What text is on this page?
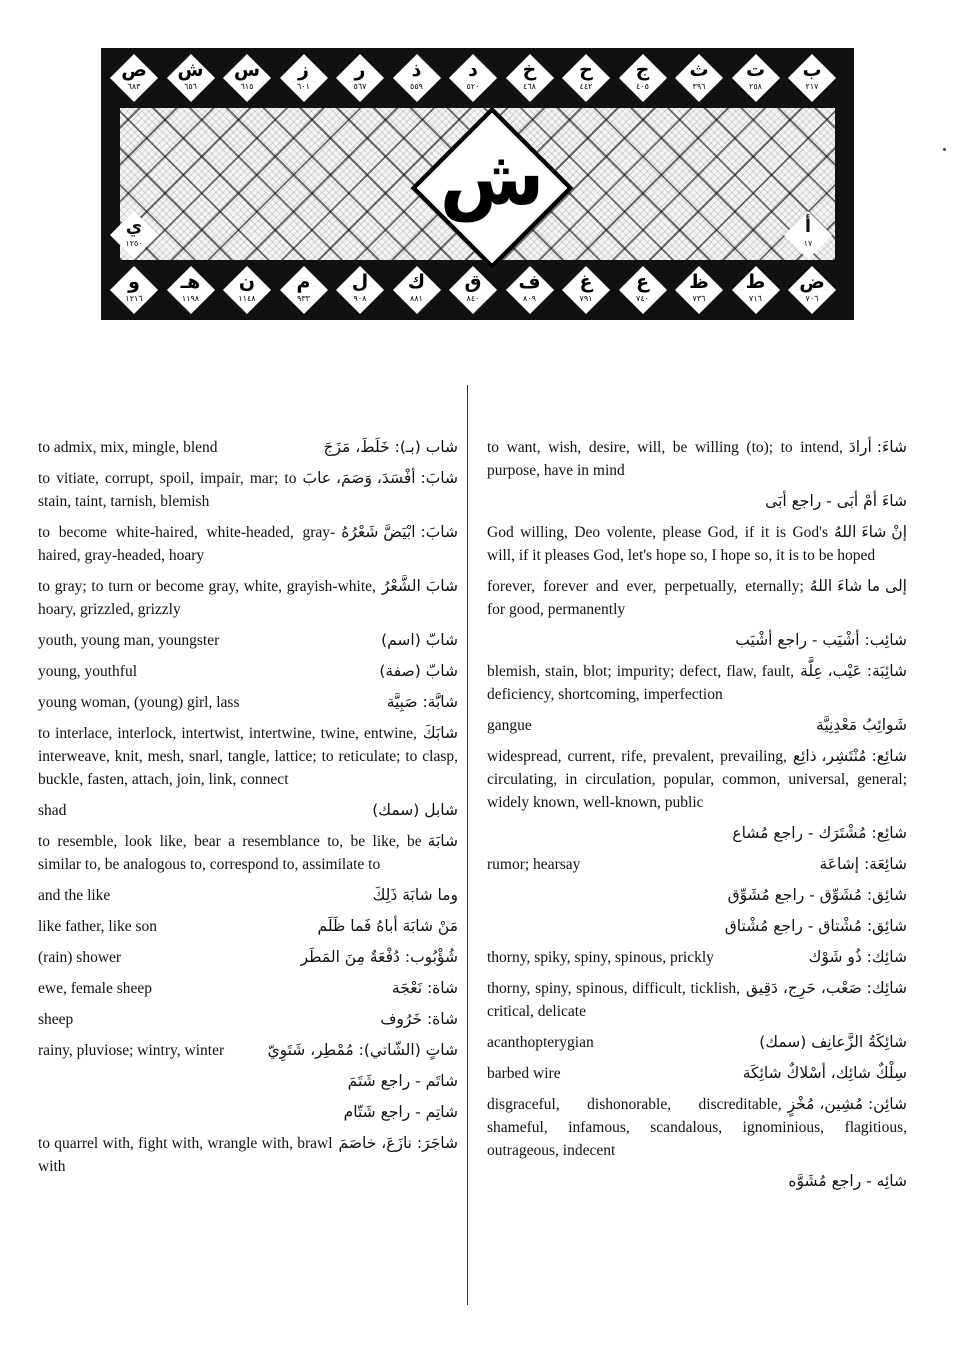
ص
٦٨٣
ش
٦٥٦
س
٦١٥
ز
٦٠١
ر
٥٦٧
ذ
٥٥٩
د
٥٢٠
خ
٤٦٨
ح
٤٤٢
ج
٤٠٥
ث
٣٩٦
ت
٢٥٨
ب
٢١٧
و
١٢١٦
هـ
١١٩٨
ن
١١٤٨
م
٩٣٣
ل
٩٠٨
ك
٨٨١
ق
٨٤٠
ف
٨٠٩
غ
٧٩١
ع
٧٤٠
ظ
٧٣٦
ط
٧١٦
ض
٧٠٦
ي
١٢٥٠
أ
١٧
ش
شاب (بـ): خَلَطَ، مَزَجَ
to admix, mix, mingle, blend
شابَ: أفْسَدَ، وَصَمَ، عابَ
to vitiate, corrupt, spoil, impair, mar; to stain, taint, tarnish, blemish
شابَ: ابْيَضَّ شَعْرُهُ
to become white-haired, white-headed, gray-haired, gray-headed, hoary
شابَ الشَّعْرُ
to gray; to turn or become gray, white, grayish-white, hoary, grizzled, grizzly
شابّ (اسم)
youth, young man, youngster
شابّ (صفة)
young, youthful
شابَّة: صَبِيَّة
young woman, (young) girl, lass
شابَكَ
to interlace, interlock, intertwist, intertwine, twine, entwine, interweave, knit, mesh, snarl, tangle, lattice; to reticulate; to clasp, buckle, fasten, attach, join, link, connect
شابل (سمك)
shad
شابَهَ
to resemble, look like, bear a resemblance to, be like, be similar to, be analogous to, correspond to, assimilate to
وما شابَهَ ذَلِكَ
and the like
مَنْ شابَهَ أباهُ فَما ظَلَم
like father, like son
شُؤْبُوب: دُفْعَةٌ مِنَ المَطَر
(rain) shower
شاة: نَعْجَة
ewe, female sheep
شاة: خَرُوف
sheep
شاتٍ (الشّاتي): مُمْطِر، شَتَوِيّ
rainy, pluviose; wintry, winter
شاتَم - راجع شَتَمَ
شاتِم - راجع شَتّام
شاجَرَ: نازَعَ، خاصَمَ
to quarrel with, fight with, wrangle with, brawl with
شاءَ: أرادَ
to want, wish, desire, will, be willing (to); to intend, purpose, have in mind
شاءَ أمْ أبَى - راجع أبَى
إنْ شاءَ اللهُ
God willing, Deo volente, please God, if it is God's will, if it pleases God, let's hope so, I hope so, it is to be hoped
إلى ما شاءَ اللهُ
forever, forever and ever, perpetually, eternally; for good, permanently
شائِب: أشْيَب - راجع أشْيَب
شائِبَة: عَيْب، عِلَّة
blemish, stain, blot; impurity; defect, flaw, fault, deficiency, shortcoming, imperfection
شَوائِبُ مَعْدِنِيَّة
gangue
شائِع: مُنْتَشِر، ذائِع
widespread, current, rife, prevalent, prevailing, circulating, in circulation, popular, common, universal, general; widely known, well-known, public
شائِع: مُشْتَرَك - راجع مُشاع
شائِعَة: إشاعَة
rumor; hearsay
شائِق: مُشَوِّق - راجع مُشَوِّق
شائِق: مُشْتاق - راجع مُشْتاق
شائِك: ذُو شَوْك
thorny, spiky, spiny, spinous, prickly
شائِك: صَعْب، حَرِج، دَقِيق
thorny, spiny, spinous, difficult, ticklish, critical, delicate
شائِكَةُ الزَّعانِف (سمك)
acanthopterygian
سِلْكٌ شائِك، أسْلاكٌ شائِكَة
barbed wire
شائِن: مُشِين، مُخْزٍ
disgraceful, dishonorable, discreditable, shameful, infamous, scandalous, ignominious, flagitious, outrageous, indecent
شائِه - راجع مُشَوَّه
